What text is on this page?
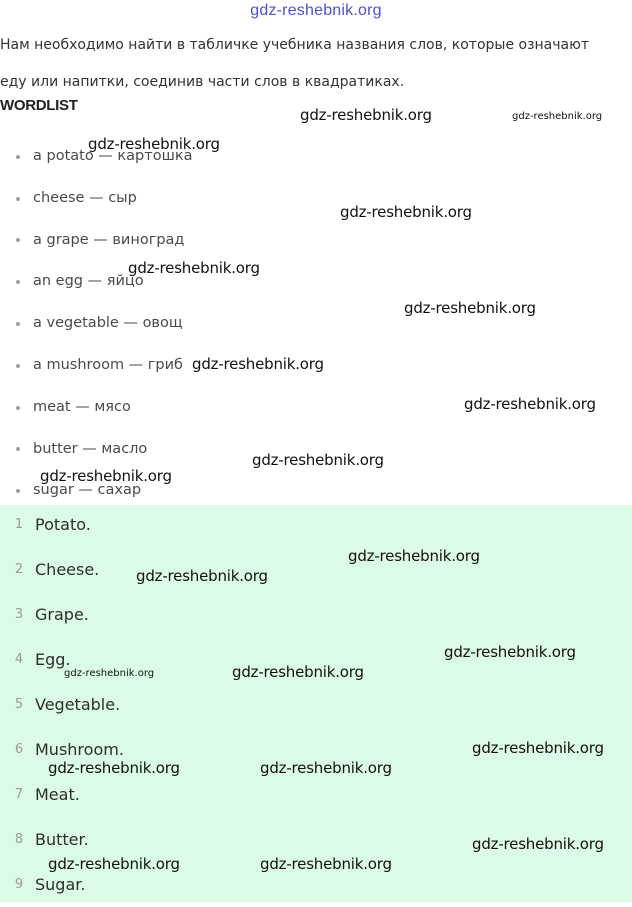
gdz-reshebnik.org
Нам необходимо найти в табличке учебника названия слов, которые означают
еду или напитки, соединив части слов в квадратиках.
WORDLIST
a potato — картошка
cheese — сыр
a grape — виноград
an egg — яйцо
a vegetable — овощ
a mushroom — гриб
meat — мясо
butter — масло
sugar — сахар
1 Potato.
2 Cheese.
3 Grape.
4 Egg.
5 Vegetable.
6 Mushroom.
7 Meat.
8 Butter.
9 Sugar.
gdz-reshebnik.org	gdz-reshebnik.org
gdz-reshebnik.org
gdz-reshebnik.org
gdz-reshebnik.org
gdz-reshebnik.org
gdz-reshebnik.org
gdz-reshebnik.org
gdz-reshebnik.org
gdz-reshebnik.org
gdz-reshebnik.org
gdz-reshebnik.org
gdz-reshebnik.org
gdz-reshebnik.org	gdz-reshebnik.org
gdz-reshebnik.org
gdz-reshebnik.org	gdz-reshebnik.org
gdz-reshebnik.org
gdz-reshebnik.org	gdz-reshebnik.org
